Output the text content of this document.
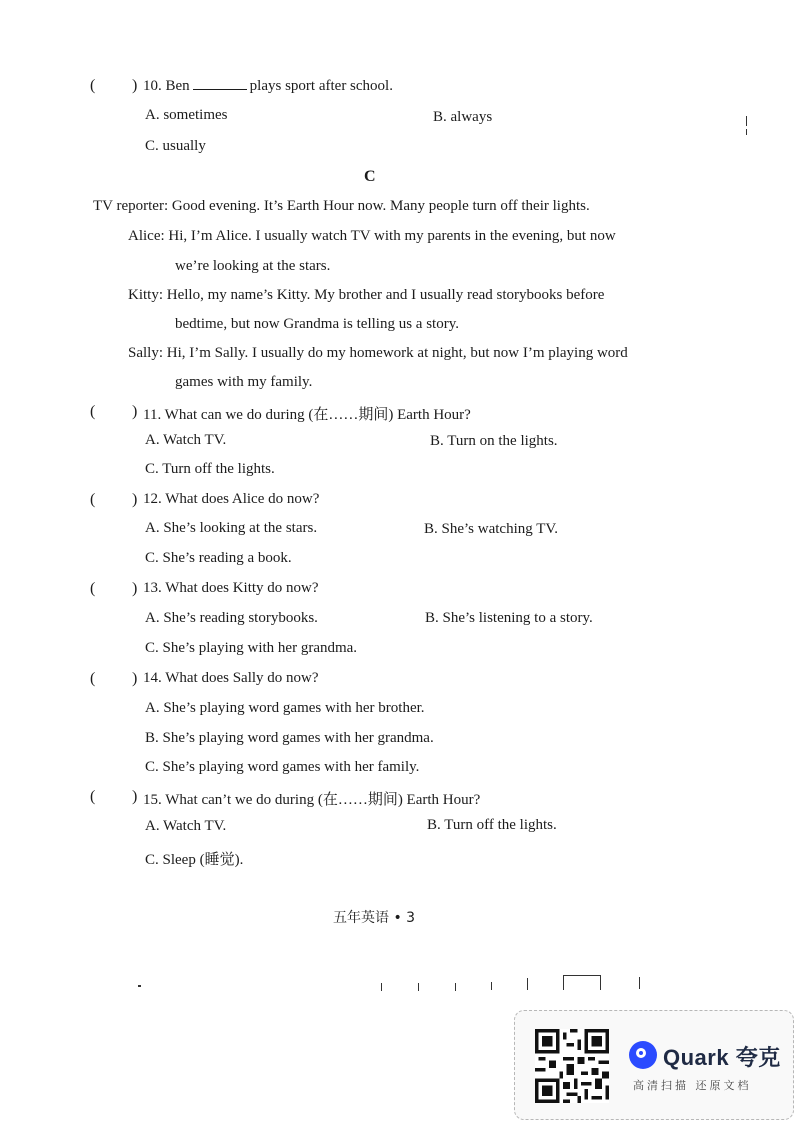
( ) 10. Ben	plays sport after school.
A. sometimes	B. always
C. usually
C
TV reporter: Good evening. It’s Earth Hour now. Many people turn off their lights.
Alice: Hi, I’m Alice. I usually watch TV with my parents in the evening, but now
we’re looking at the stars.
Kitty: Hello, my name’s Kitty. My brother and I usually read storybooks before
bedtime, but now Grandma is telling us a story.
Sally: Hi, I’m Sally. I usually do my homework at night, but now I’m playing word
games with my family.
( ) 11. What can we do during (在……期间) Earth Hour?
A. Watch TV.	B. Turn on the lights.
C. Turn off the lights.
( ) 12. What does Alice do now?
A. She’s looking at the stars.	B. She’s watching TV.
C. She’s reading a book.
( ) 13. What does Kitty do now?
A. She’s reading storybooks.	B. She’s listening to a story.
C. She’s playing with her grandma.
( ) 14. What does Sally do now?
A. She’s playing word games with her brother.
B. She’s playing word games with her grandma.
C. She’s playing word games with her family.
( ) 15. What can’t we do during (在……期间) Earth Hour?
A. Watch TV.	B. Turn off the lights.
C. Sleep (睡觉).
五年英语 • 3
Quark 夸克
高清扫描 还原文档
